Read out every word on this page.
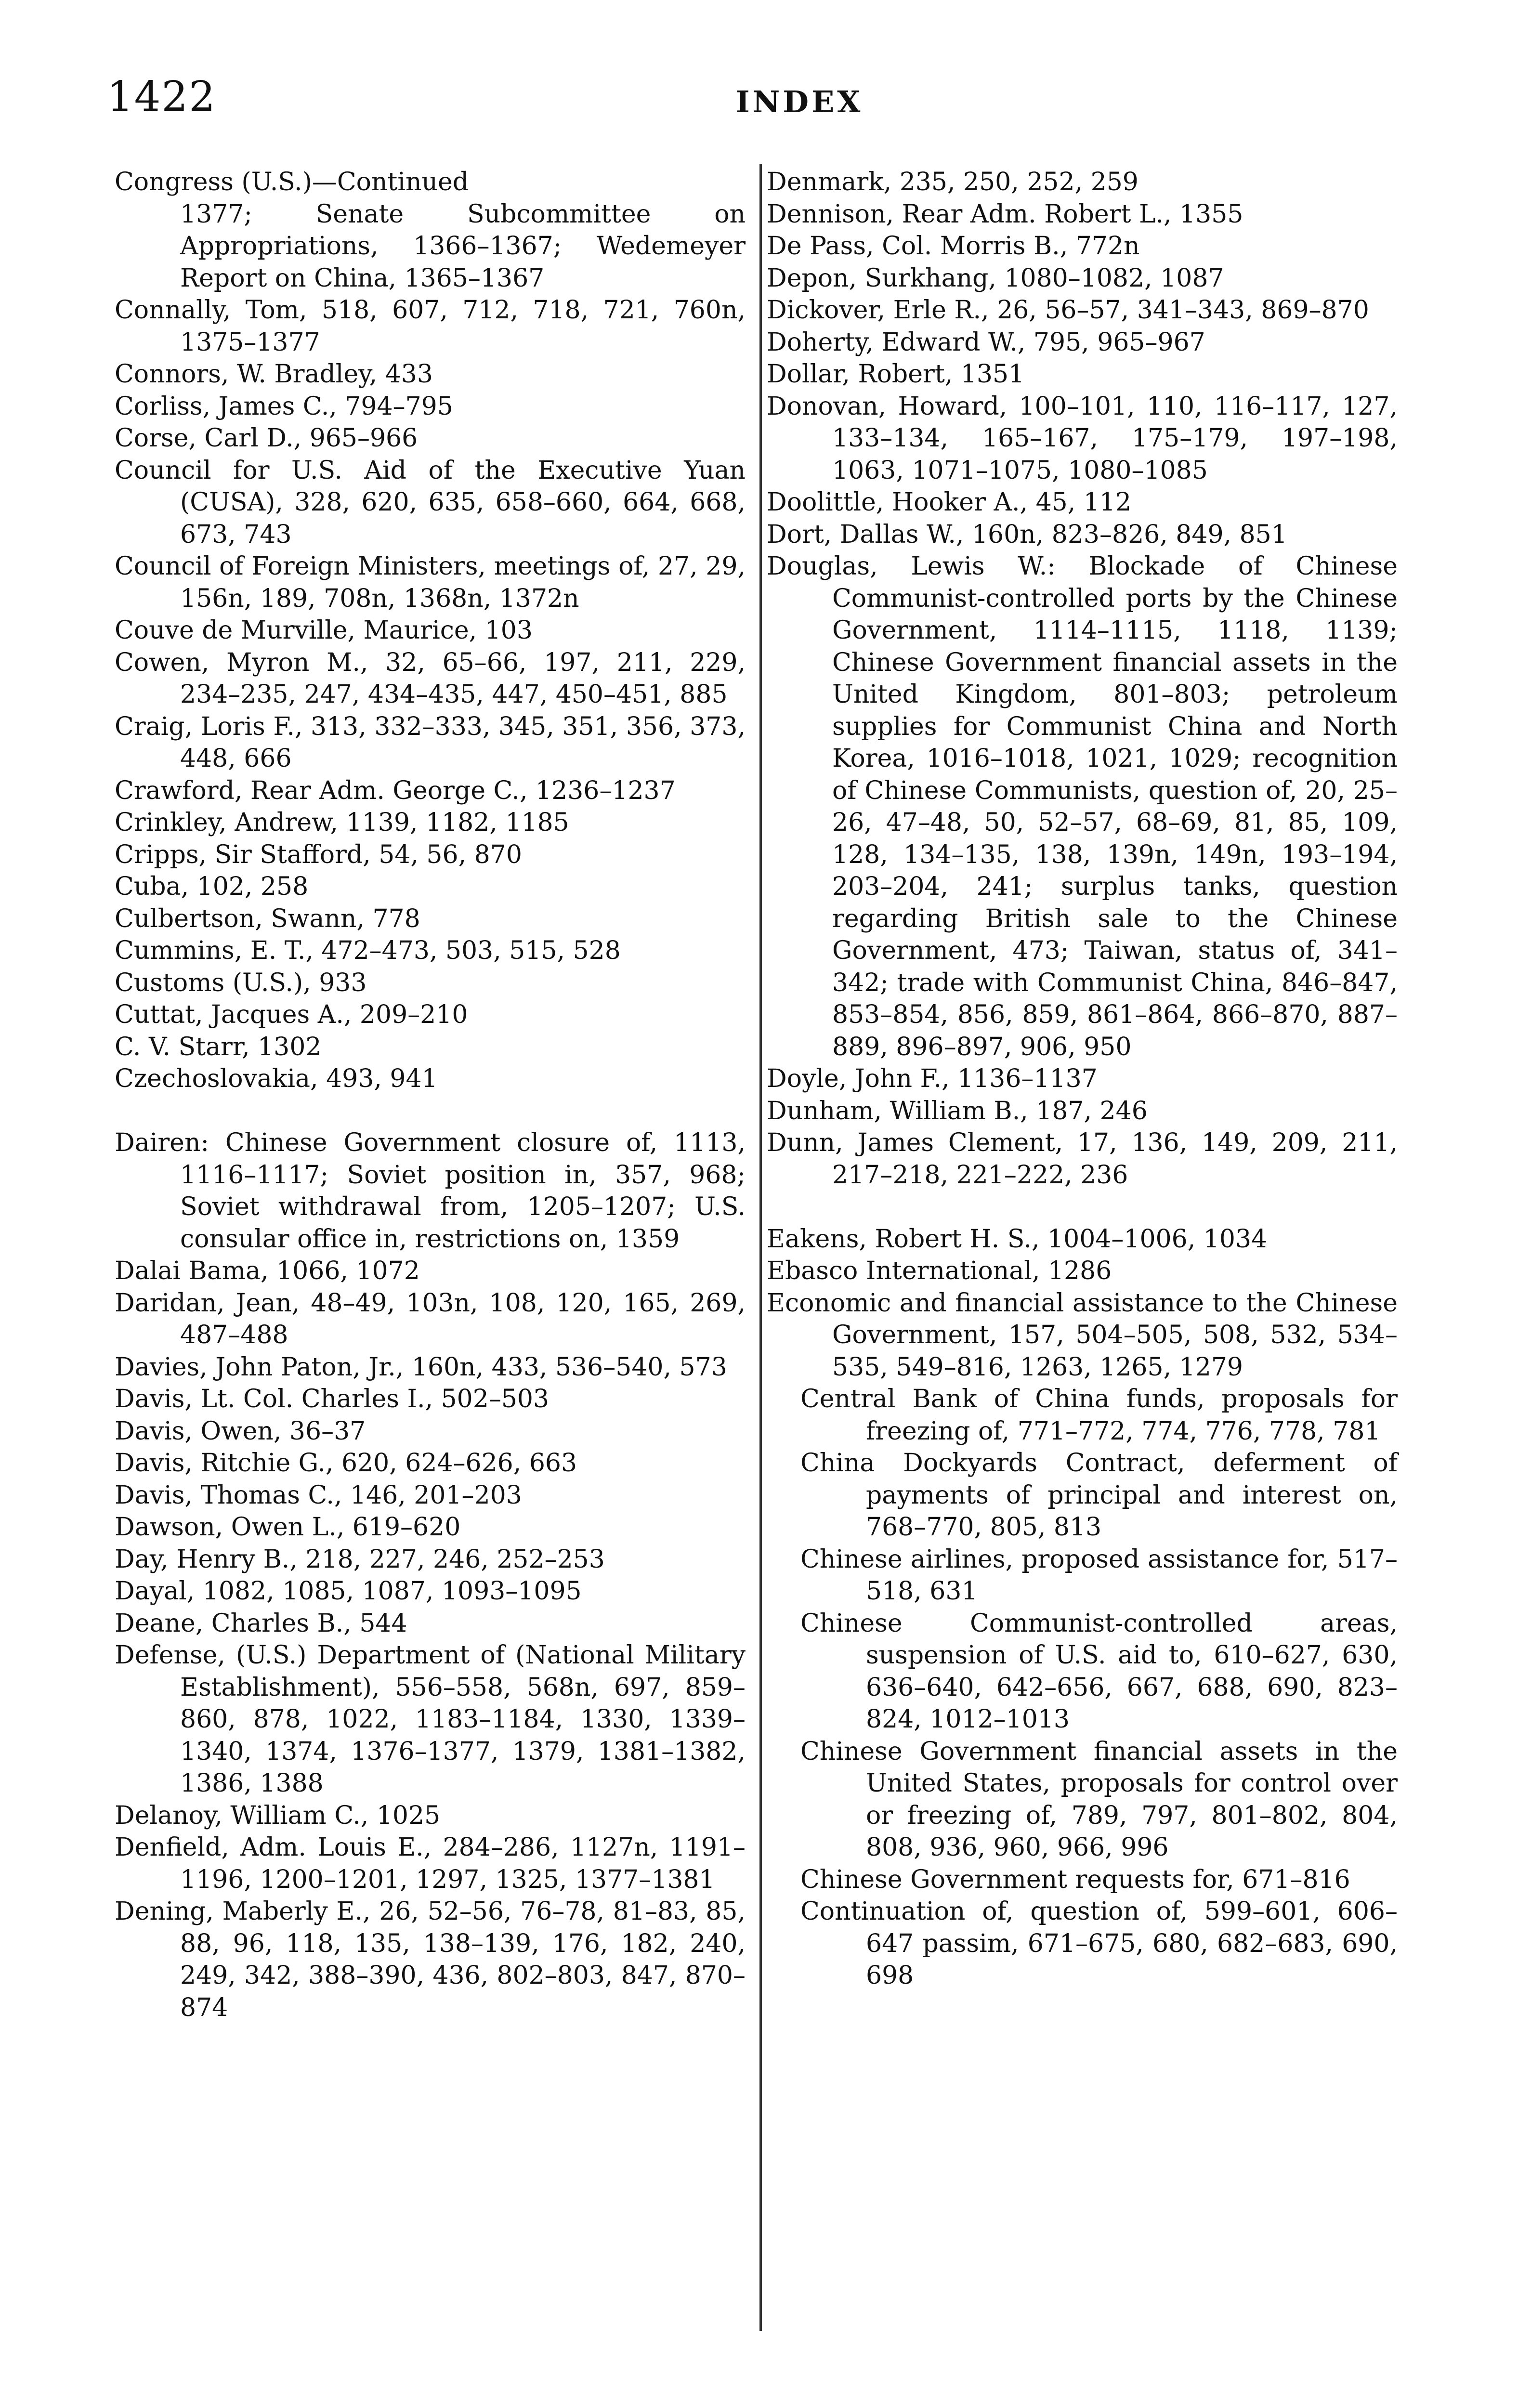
1422	INDEX
Congress (U.S.)—Continued
1377; Senate Subcommittee on Appropriations, 1366–1367; Wedemeyer Report on China, 1365–1367
Connally, Tom, 518, 607, 712, 718, 721, 760n, 1375–1377
Connors, W. Bradley, 433
Corliss, James C., 794–795
Corse, Carl D., 965–966
Council for U.S. Aid of the Executive Yuan (CUSA), 328, 620, 635, 658–660, 664, 668, 673, 743
Council of Foreign Ministers, meetings of, 27, 29, 156n, 189, 708n, 1368n, 1372n
Couve de Murville, Maurice, 103
Cowen, Myron M., 32, 65–66, 197, 211, 229, 234–235, 247, 434–435, 447, 450–451, 885
Craig, Loris F., 313, 332–333, 345, 351, 356, 373, 448, 666
Crawford, Rear Adm. George C., 1236–1237
Crinkley, Andrew, 1139, 1182, 1185
Cripps, Sir Stafford, 54, 56, 870
Cuba, 102, 258
Culbertson, Swann, 778
Cummins, E. T., 472–473, 503, 515, 528
Customs (U.S.), 933
Cuttat, Jacques A., 209–210
C. V. Starr, 1302
Czechoslovakia, 493, 941
Dairen: Chinese Government closure of, 1113, 1116–1117; Soviet position in, 357, 968; Soviet withdrawal from, 1205–1207; U.S. consular office in, restrictions on, 1359
Dalai Bama, 1066, 1072
Daridan, Jean, 48–49, 103n, 108, 120, 165, 269, 487–488
Davies, John Paton, Jr., 160n, 433, 536–540, 573
Davis, Lt. Col. Charles I., 502–503
Davis, Owen, 36–37
Davis, Ritchie G., 620, 624–626, 663
Davis, Thomas C., 146, 201–203
Dawson, Owen L., 619–620
Day, Henry B., 218, 227, 246, 252–253
Dayal, 1082, 1085, 1087, 1093–1095
Deane, Charles B., 544
Defense, (U.S.) Department of (National Military Establishment), 556–558, 568n, 697, 859–860, 878, 1022, 1183–1184, 1330, 1339–1340, 1374, 1376–1377, 1379, 1381–1382, 1386, 1388
Delanoy, William C., 1025
Denfield, Adm. Louis E., 284–286, 1127n, 1191–1196, 1200–1201, 1297, 1325, 1377–1381
Dening, Maberly E., 26, 52–56, 76–78, 81–83, 85, 88, 96, 118, 135, 138–139, 176, 182, 240, 249, 342, 388–390, 436, 802–803, 847, 870–874
Denmark, 235, 250, 252, 259
Dennison, Rear Adm. Robert L., 1355
De Pass, Col. Morris B., 772n
Depon, Surkhang, 1080–1082, 1087
Dickover, Erle R., 26, 56–57, 341–343, 869–870
Doherty, Edward W., 795, 965–967
Dollar, Robert, 1351
Donovan, Howard, 100–101, 110, 116–117, 127, 133–134, 165–167, 175–179, 197–198, 1063, 1071–1075, 1080–1085
Doolittle, Hooker A., 45, 112
Dort, Dallas W., 160n, 823–826, 849, 851
Douglas, Lewis W.: Blockade of Chinese Communist-controlled ports by the Chinese Government, 1114–1115, 1118, 1139; Chinese Government financial assets in the United Kingdom, 801–803; petroleum supplies for Communist China and North Korea, 1016–1018, 1021, 1029; recognition of Chinese Communists, question of, 20, 25–26, 47–48, 50, 52–57, 68–69, 81, 85, 109, 128, 134–135, 138, 139n, 149n, 193–194, 203–204, 241; surplus tanks, question regarding British sale to the Chinese Government, 473; Taiwan, status of, 341–342; trade with Communist China, 846–847, 853–854, 856, 859, 861–864, 866–870, 887–889, 896–897, 906, 950
Doyle, John F., 1136–1137
Dunham, William B., 187, 246
Dunn, James Clement, 17, 136, 149, 209, 211, 217–218, 221–222, 236
Eakens, Robert H. S., 1004–1006, 1034
Ebasco International, 1286
Economic and financial assistance to the Chinese Government, 157, 504–505, 508, 532, 534–535, 549–816, 1263, 1265, 1279
Central Bank of China funds, proposals for freezing of, 771–772, 774, 776, 778, 781
China Dockyards Contract, deferment of payments of principal and interest on, 768–770, 805, 813
Chinese airlines, proposed assistance for, 517–518, 631
Chinese Communist-controlled areas, suspension of U.S. aid to, 610–627, 630, 636–640, 642–656, 667, 688, 690, 823–824, 1012–1013
Chinese Government financial assets in the United States, proposals for control over or freezing of, 789, 797, 801–802, 804, 808, 936, 960, 966, 996
Chinese Government requests for, 671–816
Continuation of, question of, 599–601, 606–647 passim, 671–675, 680, 682–683, 690, 698
